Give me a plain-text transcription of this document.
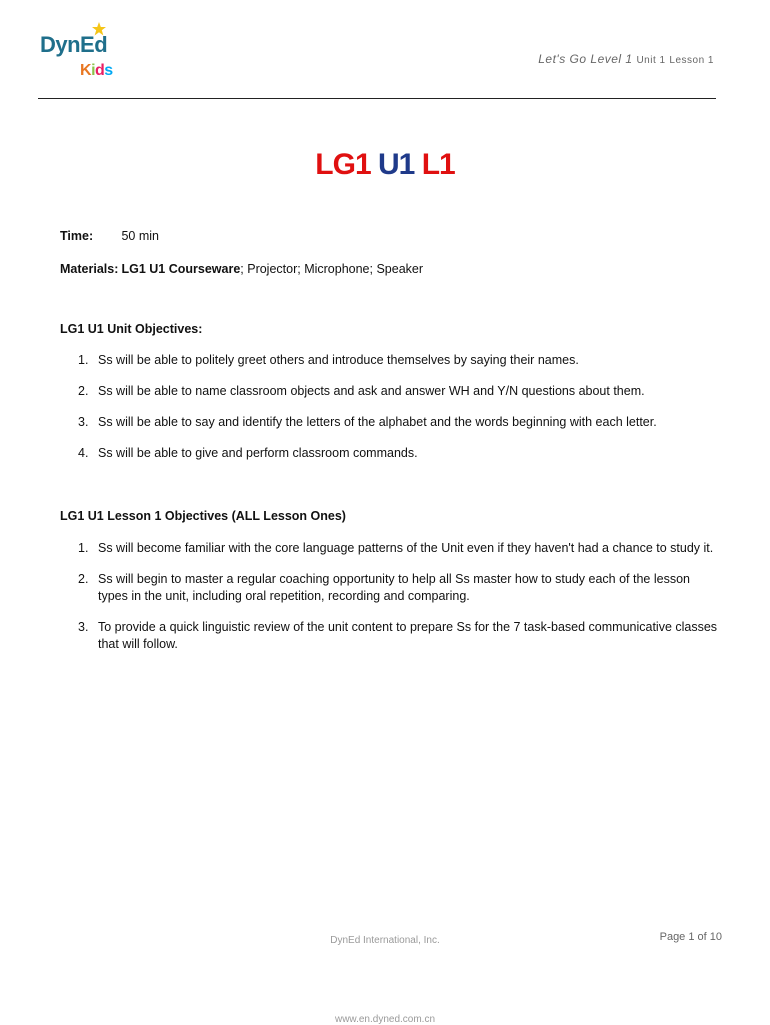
DynEd
Kids
Let's Go Level 1 Unit 1 Lesson 1
LG1 U1 L1
Time: 50 min
Materials: LG1 U1 Courseware; Projector; Microphone; Speaker
LG1 U1 Unit Objectives:
1. Ss will be able to politely greet others and introduce themselves by saying their names.
2. Ss will be able to name classroom objects and ask and answer WH and Y/N questions about them.
3. Ss will be able to say and identify the letters of the alphabet and the words beginning with each letter.
4. Ss will be able to give and perform classroom commands.
LG1 U1 Lesson 1 Objectives (ALL Lesson Ones)
1. Ss will become familiar with the core language patterns of the Unit even if they haven't had a chance to study it.
2. Ss will begin to master a regular coaching opportunity to help all Ss master how to study each of the lesson types in the unit, including oral repetition, recording and comparing.
3. To provide a quick linguistic review of the unit content to prepare Ss for the 7 task-based communicative classes that will follow.
DynEd International, Inc.	Page 1 of 10
www.en.dyned.com.cn
